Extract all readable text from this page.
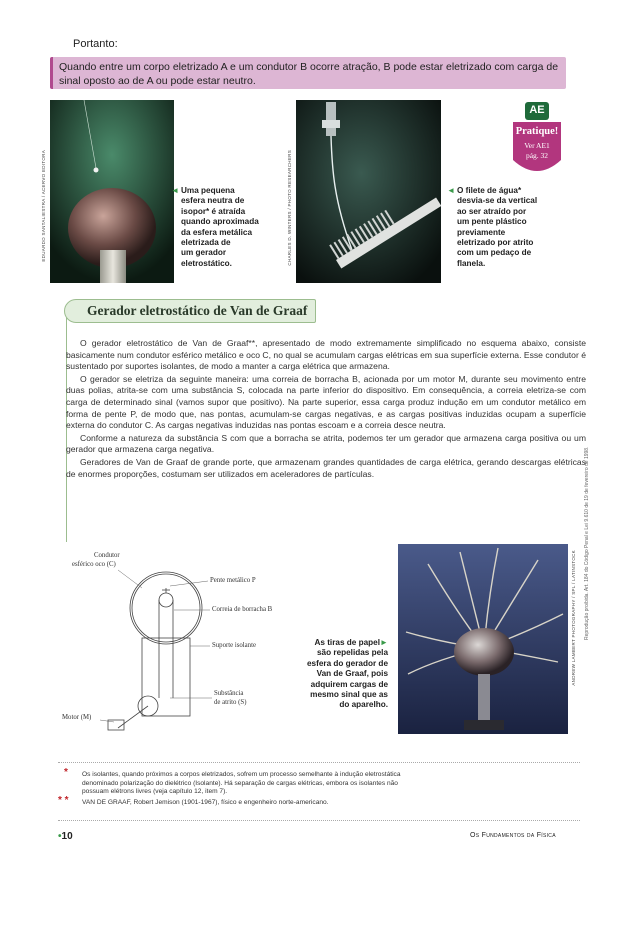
Portanto:
Quando entre um corpo eletrizado A e um condutor B ocorre atração, B pode estar eletrizado com carga de sinal oposto ao de A ou pode estar neutro.
EDUARDO SANTALIESTRA / ACERVO EDITORA	◄ Uma pequena
esfera neutra de
isopor* é atraída
quando aproximada
da esfera metálica
eletrizada de
um gerador
eletrostático.	CHARLES D. WINTERS / PHOTO RESEARCHERS	◄ O filete de água*
desvia-se da vertical
ao ser atraído por
um pente plástico
previamente
eletrizado por atrito
com um pedaço de
flanela.
AE
Pratique!
Ver AE1
pág. 32
Gerador eletrostático de Van de Graaf

O gerador eletrostático de Van de Graaf**, apresentado de modo extremamente simplificado no esquema abaixo, consiste basicamente num condutor esférico metálico e oco C, no qual se acumulam cargas elétricas em sua superfície externa. Esse condutor é sustentado por suportes isolantes, de modo a manter a carga elétrica que armazena.

O gerador se eletriza da seguinte maneira: uma correia de borracha B, acionada por um motor M, durante seu movimento entre duas polias, atrita-se com uma substância S, colocada na parte inferior do dispositivo. Em consequência, a correia eletriza-se com carga de determinado sinal (vamos supor que positivo). Na parte superior, essa carga produz indução em um condutor metálico em forma de pente P, de modo que, nas pontas, acumulam-se cargas negativas, e as cargas positivas induzidas ocupam a superfície externa do condutor C. As cargas negativas induzidas nas pontas escoam e a correia desce neutra.

Conforme a natureza da substância S com que a borracha se atrita, podemos ter um gerador que armazena carga positiva ou um gerador que armazena carga negativa.

Geradores de Van de Graaf de grande porte, que armazenam grandes quantidades de carga elétrica, gerando descargas elétricas de enormes proporções, costumam ser utilizados em aceleradores de partículas.

Condutor
esférico oco (C)
Pente metálico P
Correia de borracha B
Suporte isolante
Substância
de atrito (S)
Motor (M)
As tiras de papel
são repelidas pela
esfera do gerador de
Van de Graaf, pois
adquirem cargas de
mesmo sinal que as
do aparelho.
►	ANDREW LAMBERT PHOTOGRAPHY / SPL / LATINSTOCK
* Os isolantes, quando próximos a corpos eletrizados, sofrem um processo semelhante à indução eletrostática
denominado polarização do dielétrico (Isolante). Há separação de cargas elétricas, embora os isolantes não
possuam elétrons livres (veja capítulo 12, item 7).
* * VAN DE GRAAF, Robert Jemison (1901-1967), físico e engenheiro norte-americano.
•10	Os Fundamentos da Física
Reprodução proibida. Art. 184 do Código Penal e Lei 9.610 de 19 de fevereiro de 1998.
